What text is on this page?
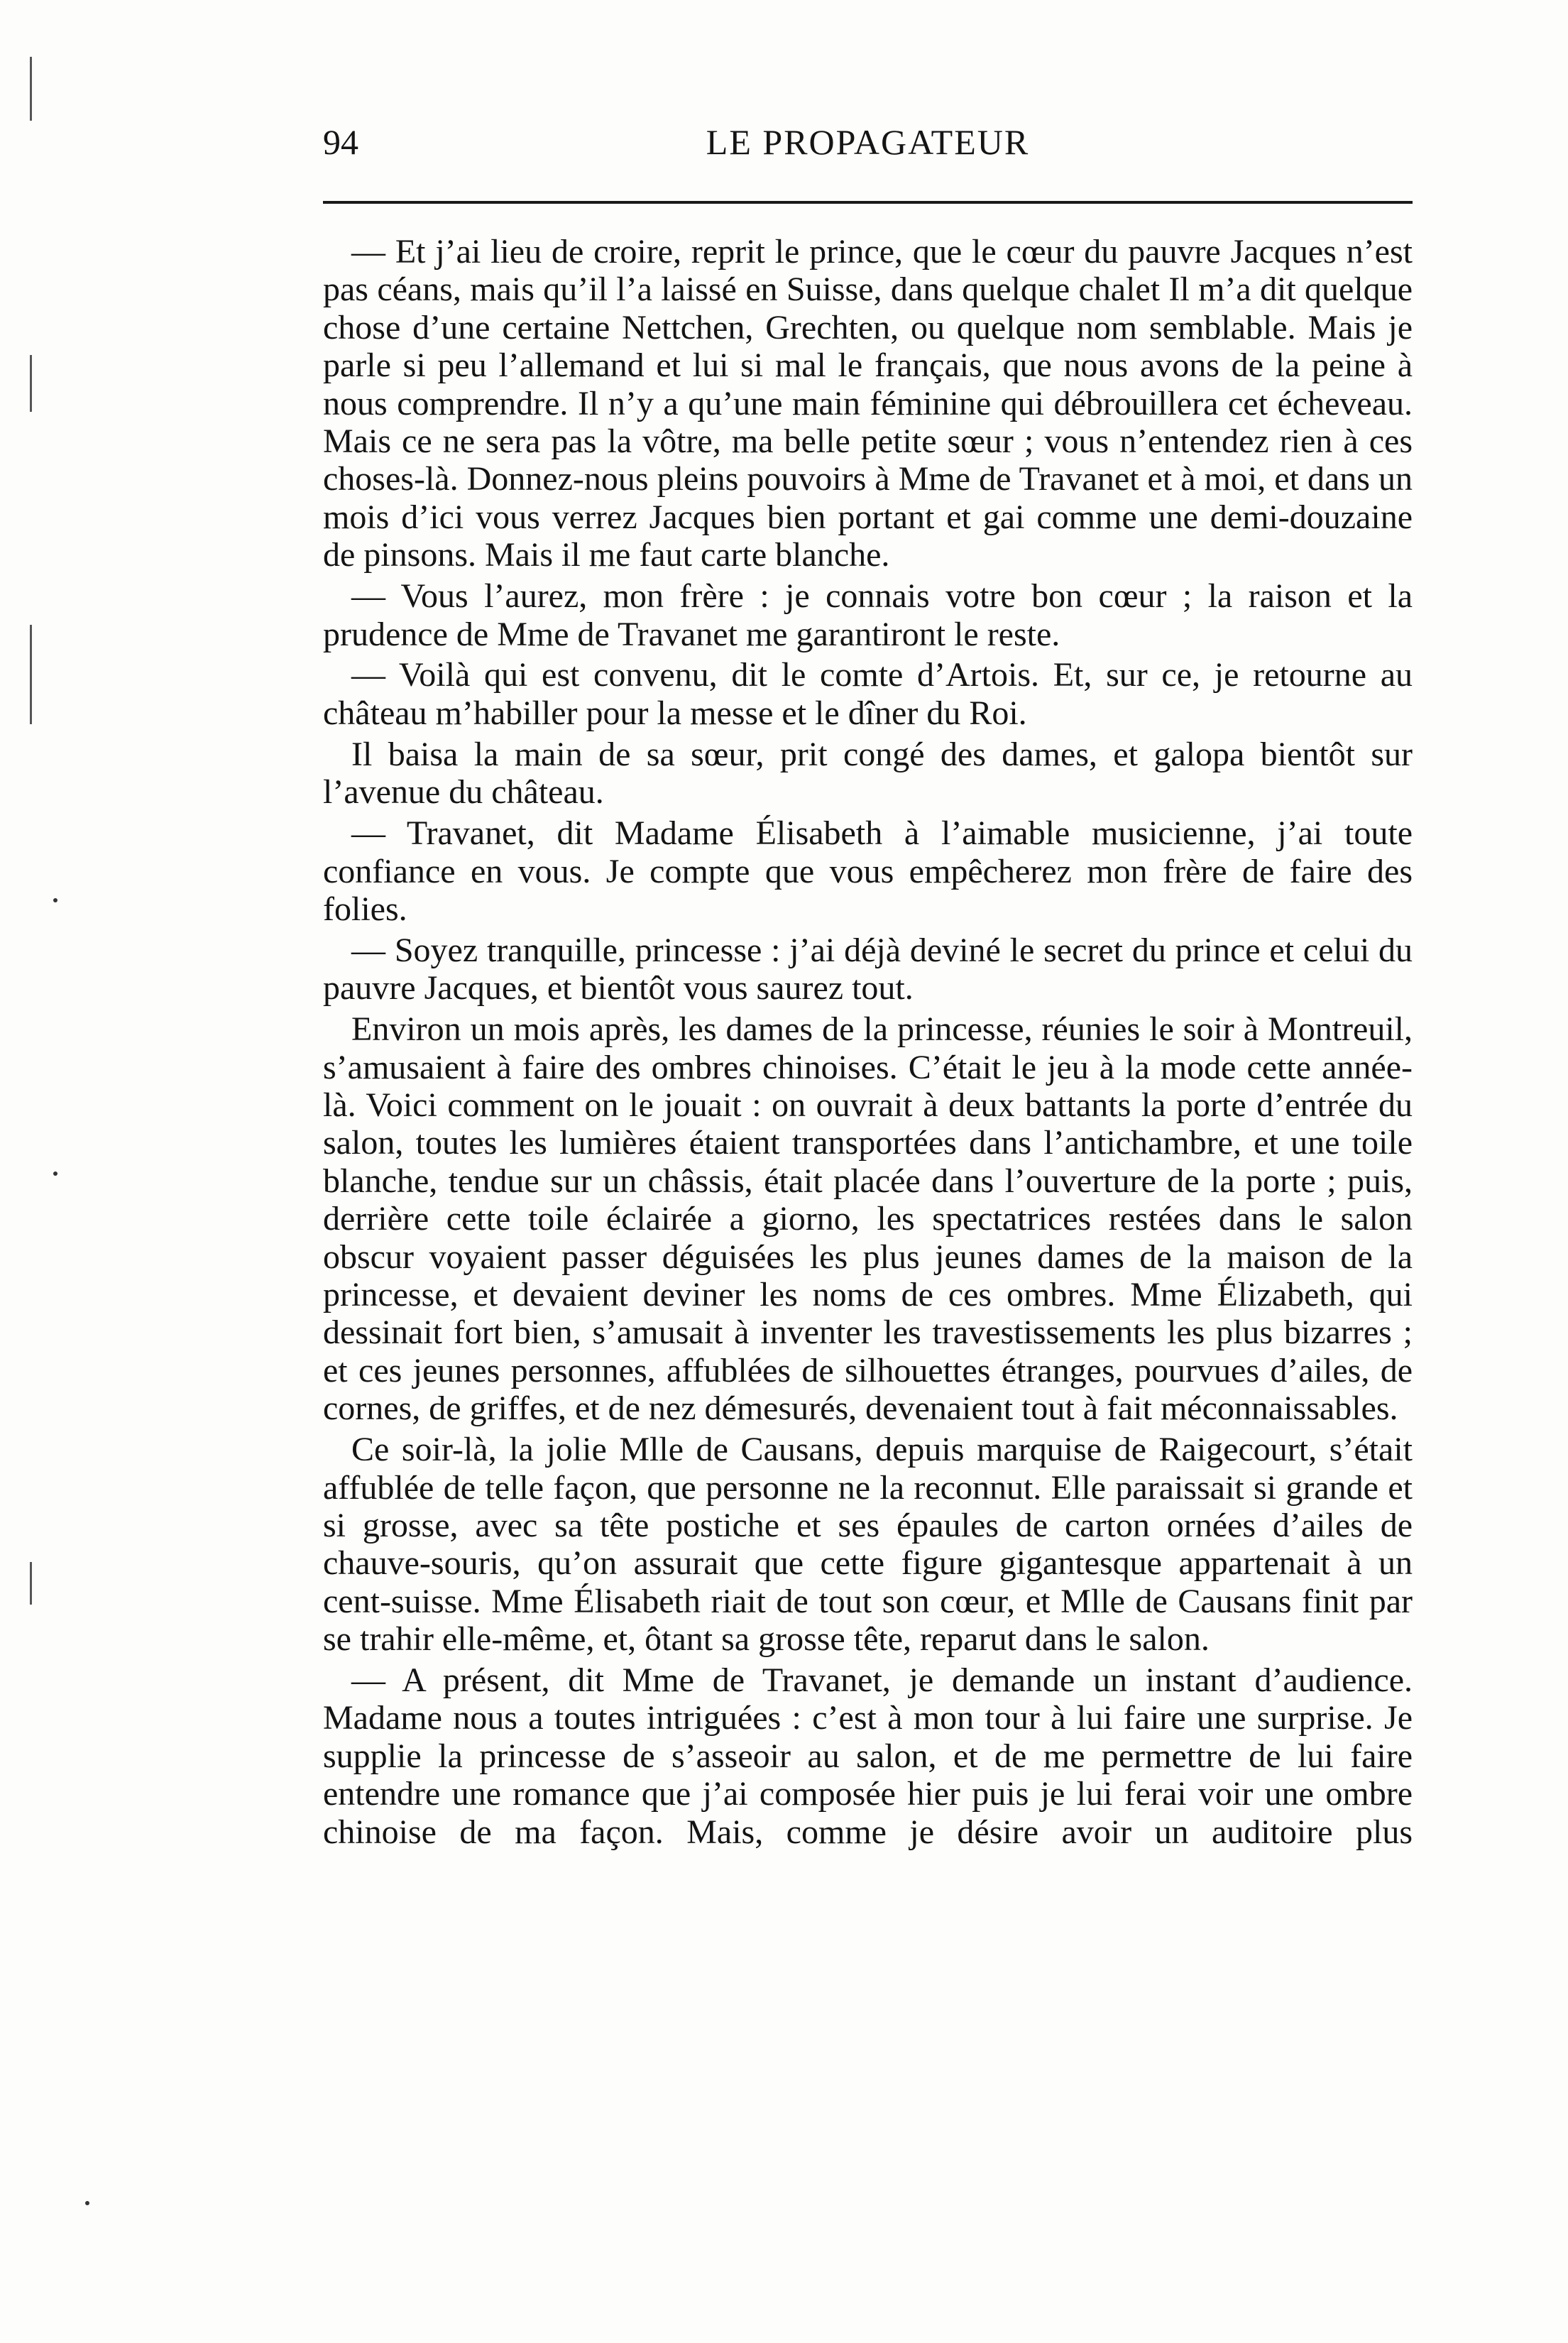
94	LE PROPAGATEUR

— Et j’ai lieu de croire, reprit le prince, que le cœur du pauvre Jacques n’est pas céans, mais qu’il l’a laissé en Suisse, dans quelque chalet Il m’a dit quelque chose d’une certaine Nettchen, Grechten, ou quelque nom semblable. Mais je parle si peu l’allemand et lui si mal le français, que nous avons de la peine à nous comprendre. Il n’y a qu’une main féminine qui débrouillera cet écheveau. Mais ce ne sera pas la vôtre, ma belle petite sœur ; vous n’entendez rien à ces choses-là. Donnez-nous pleins pouvoirs à Mme de Travanet et à moi, et dans un mois d’ici vous verrez Jacques bien portant et gai comme une demi-douzaine de pinsons. Mais il me faut carte blanche.

— Vous l’aurez, mon frère : je connais votre bon cœur ; la raison et la prudence de Mme de Travanet me garantiront le reste.

— Voilà qui est convenu, dit le comte d’Artois. Et, sur ce, je retourne au château m’habiller pour la messe et le dîner du Roi.

Il baisa la main de sa sœur, prit congé des dames, et galopa bientôt sur l’avenue du château.

— Travanet, dit Madame Élisabeth à l’aimable musicienne, j’ai toute confiance en vous. Je compte que vous empêcherez mon frère de faire des folies.

— Soyez tranquille, princesse : j’ai déjà deviné le secret du prince et celui du pauvre Jacques, et bientôt vous saurez tout.

Environ un mois après, les dames de la princesse, réunies le soir à Montreuil, s’amusaient à faire des ombres chinoises. C’était le jeu à la mode cette année-là. Voici comment on le jouait : on ouvrait à deux battants la porte d’entrée du salon, toutes les lumières étaient transportées dans l’antichambre, et une toile blanche, tendue sur un châssis, était placée dans l’ouverture de la porte ; puis, derrière cette toile éclairée a giorno, les spectatrices restées dans le salon obscur voyaient passer déguisées les plus jeunes dames de la maison de la princesse, et devaient deviner les noms de ces ombres. Mme Élizabeth, qui dessinait fort bien, s’amusait à inventer les travestissements les plus bizarres ; et ces jeunes personnes, affublées de silhouettes étranges, pourvues d’ailes, de cornes, de griffes, et de nez démesurés, devenaient tout à fait méconnaissables.

Ce soir-là, la jolie Mlle de Causans, depuis marquise de Raigecourt, s’était affublée de telle façon, que personne ne la reconnut. Elle paraissait si grande et si grosse, avec sa tête postiche et ses épaules de carton ornées d’ailes de chauve-souris, qu’on assurait que cette figure gigantesque appartenait à un cent-suisse. Mme Élisabeth riait de tout son cœur, et Mlle de Causans finit par se trahir elle-même, et, ôtant sa grosse tête, reparut dans le salon.

— A présent, dit Mme de Travanet, je demande un instant d’audience. Madame nous a toutes intriguées : c’est à mon tour à lui faire une surprise. Je supplie la princesse de s’asseoir au salon, et de me permettre de lui faire entendre une romance que j’ai composée hier puis je lui ferai voir une ombre chinoise de ma façon. Mais, comme je désire avoir un auditoire plus
